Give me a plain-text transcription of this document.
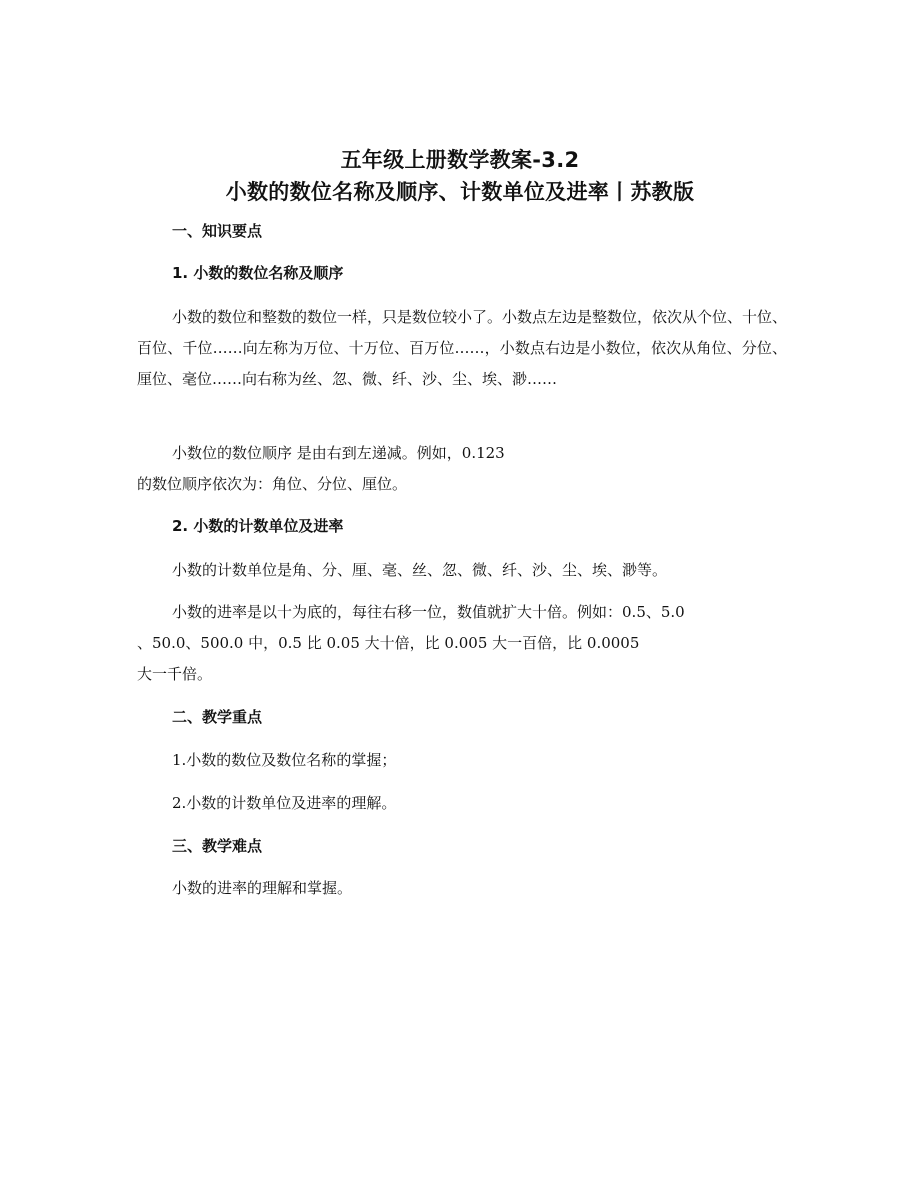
五年级上册数学教案-3.2
小数的数位名称及顺序、计数单位及进率丨苏教版
一、知识要点
1. 小数的数位名称及顺序
小数的数位和整数的数位一样，只是数位较小了。小数点左边是整数位，依次从个位、十位、百位、千位……向左称为万位、十万位、百万位……，小数点右边是小数位，依次从角位、分位、厘位、毫位……向右称为丝、忽、微、纤、沙、尘、埃、渺……
小数位的数位顺序 是由右到左递减。例如，0.123
的数位顺序依次为：角位、分位、厘位。
2. 小数的计数单位及进率
小数的计数单位是角、分、厘、毫、丝、忽、微、纤、沙、尘、埃、渺等。
小数的进率是以十为底的，每往右移一位，数值就扩大十倍。例如：0.5、5.0
、50.0、500.0 中，0.5 比 0.05 大十倍，比 0.005 大一百倍，比 0.0005
大一千倍。
二、教学重点
1.小数的数位及数位名称的掌握；
2.小数的计数单位及进率的理解。
三、教学难点
小数的进率的理解和掌握。
